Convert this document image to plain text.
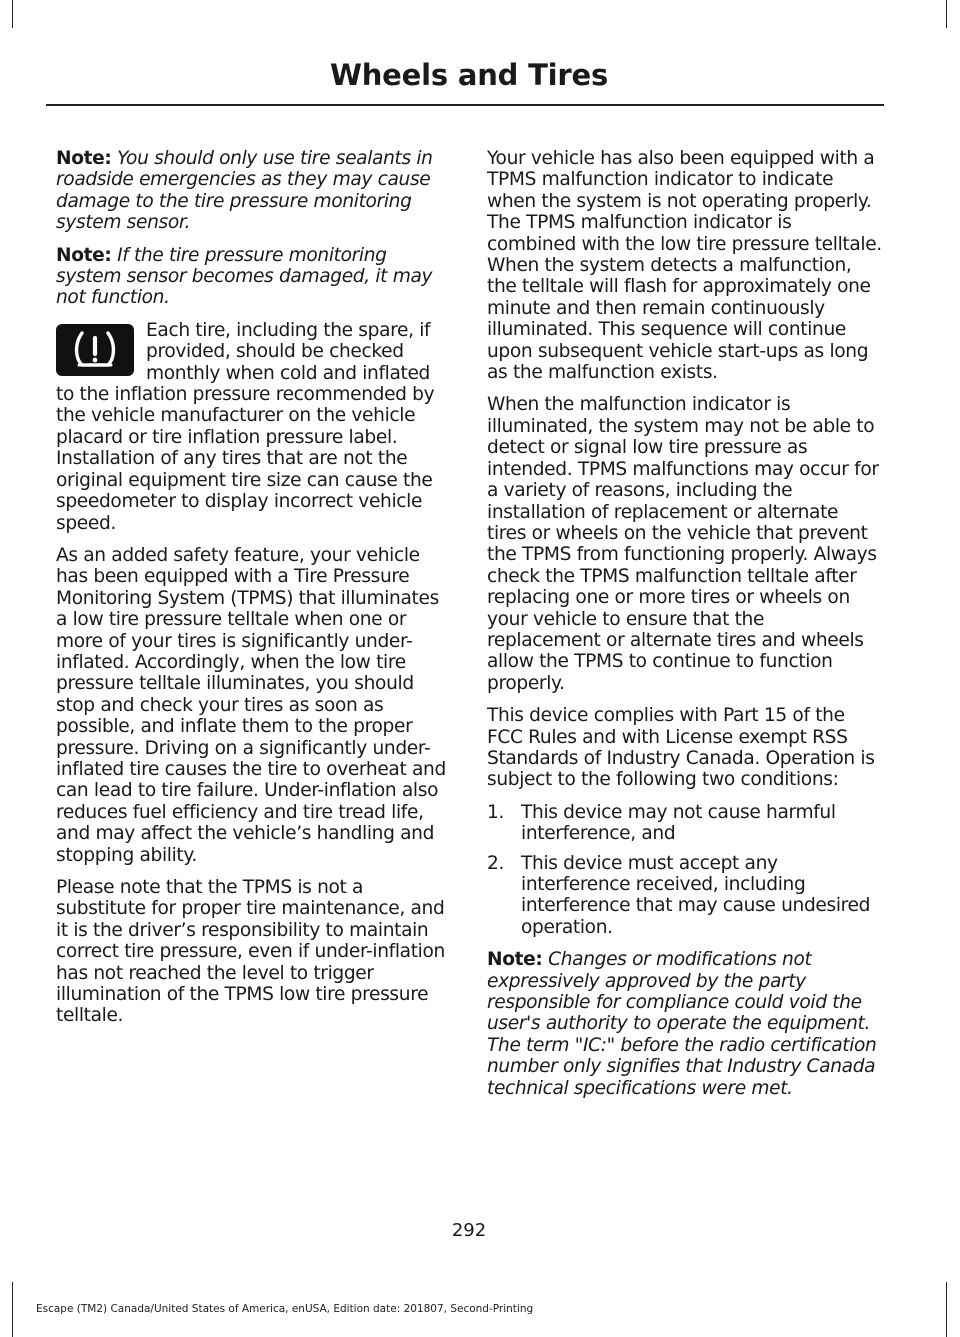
Wheels and Tires

Note: You should only use tire sealants in roadside emergencies as they may cause damage to the tire pressure monitoring system sensor.

Note: If the tire pressure monitoring system sensor becomes damaged, it may not function.

Each tire, including the spare, if provided, should be checked monthly when cold and inflated to the inflation pressure recommended by the vehicle manufacturer on the vehicle placard or tire inflation pressure label. Installation of any tires that are not the original equipment tire size can cause the speedometer to display incorrect vehicle speed.

As an added safety feature, your vehicle has been equipped with a Tire Pressure Monitoring System (TPMS) that illuminates a low tire pressure telltale when one or more of your tires is significantly under-inflated. Accordingly, when the low tire pressure telltale illuminates, you should stop and check your tires as soon as possible, and inflate them to the proper pressure. Driving on a significantly under-inflated tire causes the tire to overheat and can lead to tire failure. Under-inflation also reduces fuel efficiency and tire tread life, and may affect the vehicle’s handling and stopping ability.

Please note that the TPMS is not a substitute for proper tire maintenance, and it is the driver’s responsibility to maintain correct tire pressure, even if under-inflation has not reached the level to trigger illumination of the TPMS low tire pressure telltale.

Your vehicle has also been equipped with a TPMS malfunction indicator to indicate when the system is not operating properly. The TPMS malfunction indicator is combined with the low tire pressure telltale. When the system detects a malfunction, the telltale will flash for approximately one minute and then remain continuously illuminated. This sequence will continue upon subsequent vehicle start-ups as long as the malfunction exists.

When the malfunction indicator is illuminated, the system may not be able to detect or signal low tire pressure as intended. TPMS malfunctions may occur for a variety of reasons, including the installation of replacement or alternate tires or wheels on the vehicle that prevent the TPMS from functioning properly. Always check the TPMS malfunction telltale after replacing one or more tires or wheels on your vehicle to ensure that the replacement or alternate tires and wheels allow the TPMS to continue to function properly.

This device complies with Part 15 of the FCC Rules and with License exempt RSS Standards of Industry Canada. Operation is subject to the following two conditions:

1. This device may not cause harmful interference, and
2. This device must accept any interference received, including interference that may cause undesired operation.

Note: Changes or modifications not expressively approved by the party responsible for compliance could void the user's authority to operate the equipment. The term "IC:" before the radio certification number only signifies that Industry Canada technical specifications were met.

292
Escape (TM2) Canada/United States of America, enUSA, Edition date: 201807, Second-Printing
